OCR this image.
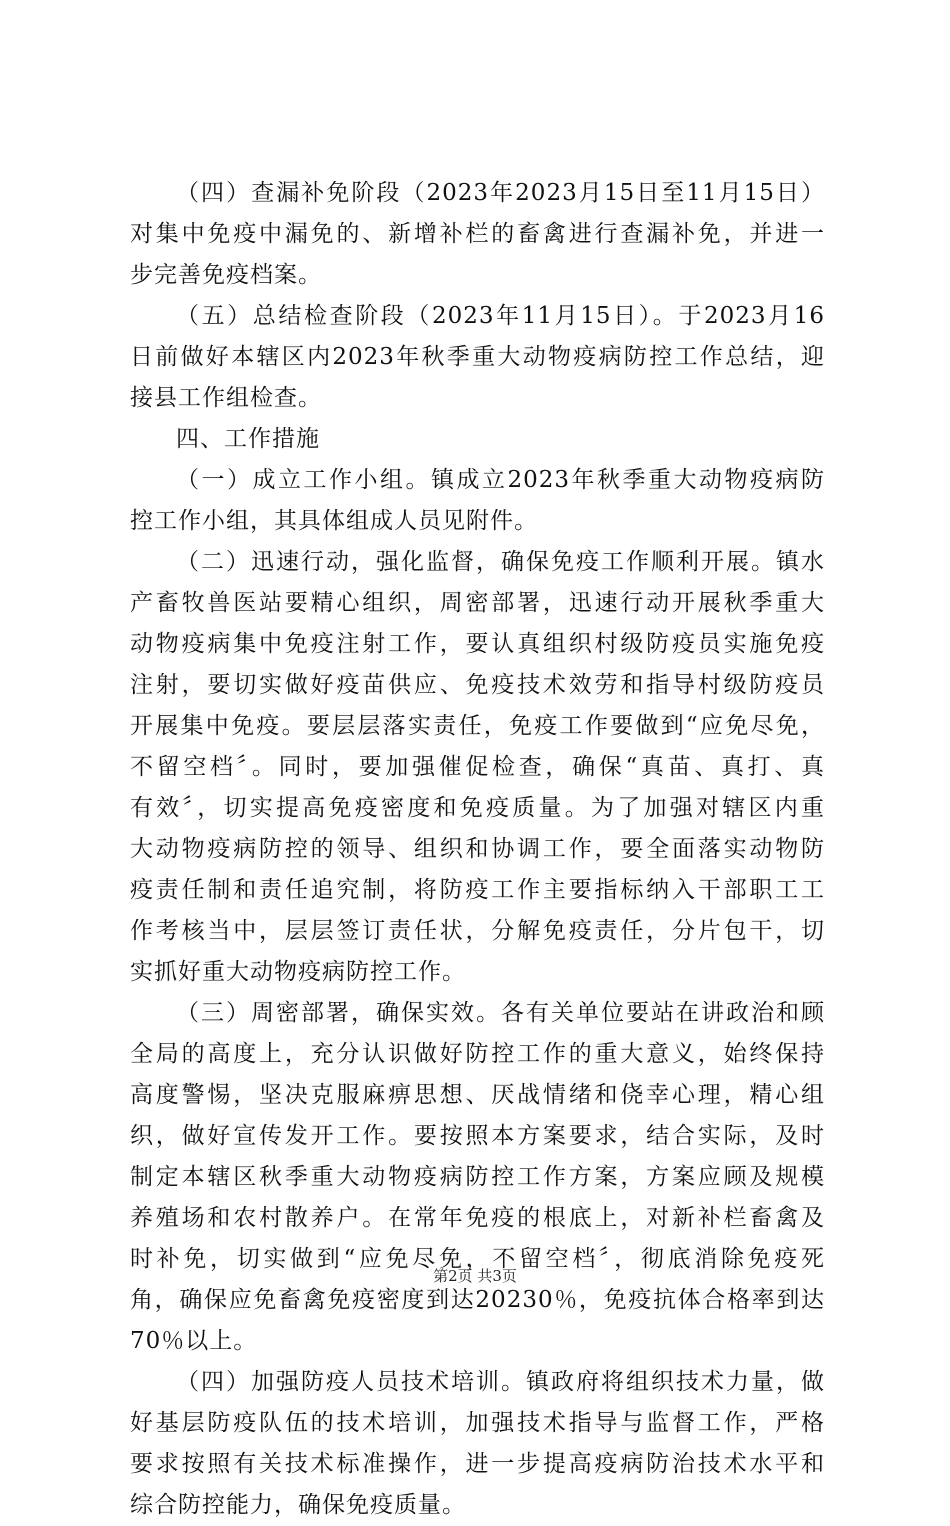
（四）查漏补免阶段（2023年2023月15日至11月15日）

对集中免疫中漏免的、新增补栏的畜禽进行查漏补免，并进一

步完善免疫档案。

（五）总结检查阶段（2023年11月15日）。于2023月16

日前做好本辖区内2023年秋季重大动物疫病防控工作总结，迎

接县工作组检查。

四、工作措施

（一）成立工作小组。镇成立2023年秋季重大动物疫病防

控工作小组，其具体组成人员见附件。

（二）迅速行动，强化监督，确保免疫工作顺利开展。镇水

产畜牧兽医站要精心组织，周密部署，迅速行动开展秋季重大

动物疫病集中免疫注射工作，要认真组织村级防疫员实施免疫

注射，要切实做好疫苗供应、免疫技术效劳和指导村级防疫员

开展集中免疫。要层层落实责任，免疫工作要做到“应免尽免，

不留空档〞。同时，要加强催促检查，确保“真苗、真打、真

有效〞，切实提高免疫密度和免疫质量。为了加强对辖区内重

大动物疫病防控的领导、组织和协调工作，要全面落实动物防

疫责任制和责任追究制，将防疫工作主要指标纳入干部职工工

作考核当中，层层签订责任状，分解免疫责任，分片包干，切

实抓好重大动物疫病防控工作。

（三）周密部署，确保实效。各有关单位要站在讲政治和顾

全局的高度上，充分认识做好防控工作的重大意义，始终保持

高度警惕，坚决克服麻痹思想、厌战情绪和侥幸心理，精心组

织，做好宣传发开工作。要按照本方案要求，结合实际，及时

制定本辖区秋季重大动物疫病防控工作方案，方案应顾及规模

养殖场和农村散养户。在常年免疫的根底上，对新补栏畜禽及

时补免，切实做到“应免尽免，不留空档〞，彻底消除免疫死

角，确保应免畜禽免疫密度到达20230％，免疫抗体合格率到达

70％以上。

（四）加强防疫人员技术培训。镇政府将组织技术力量，做

好基层防疫队伍的技术培训，加强技术指导与监督工作，严格

要求按照有关技术标准操作，进一步提高疫病防治技术水平和

综合防控能力，确保免疫质量。

第2页 共3页
